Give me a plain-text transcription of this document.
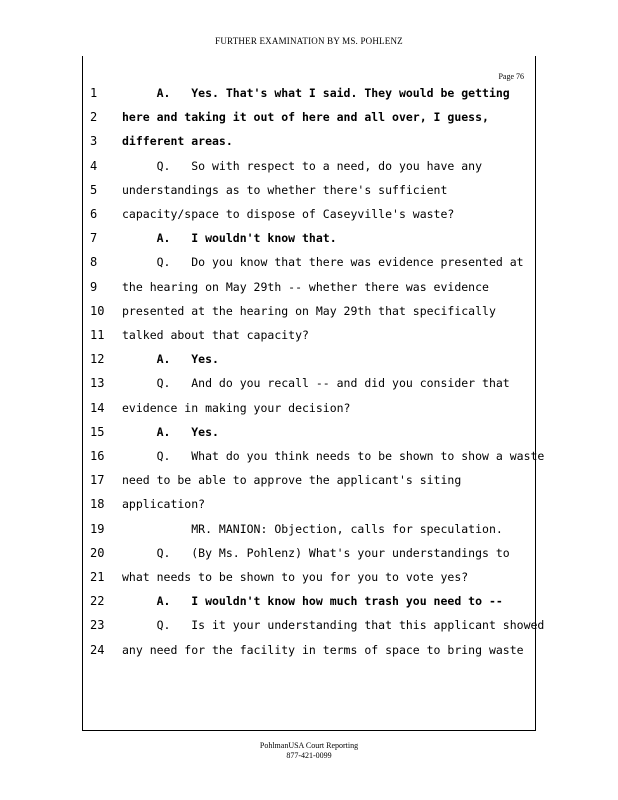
FURTHER EXAMINATION BY MS. POHLENZ
Page 76
1	A.   Yes. That's what I said. They would be getting
2	here and taking it out of here and all over, I guess,
3	different areas.
4	Q.   So with respect to a need, do you have any
5	understandings as to whether there's sufficient
6	capacity/space to dispose of Caseyville's waste?
7	A.   I wouldn't know that.
8	Q.   Do you know that there was evidence presented at
9	the hearing on May 29th -- whether there was evidence
10 presented at the hearing on May 29th that specifically
11 talked about that capacity?
12 A.   Yes.
13 Q.   And do you recall -- and did you consider that
14 evidence in making your decision?
15 A.   Yes.
16 Q.   What do you think needs to be shown to show a waste
17 need to be able to approve the applicant's siting
18 application?
19 MR. MANION: Objection, calls for speculation.
20 Q.   (By Ms. Pohlenz) What's your understandings to
21 what needs to be shown to you for you to vote yes?
22 A.   I wouldn't know how much trash you need to --
23 Q.   Is it your understanding that this applicant showed
24 any need for the facility in terms of space to bring waste
PohlmanUSA Court Reporting
877-421-0099
